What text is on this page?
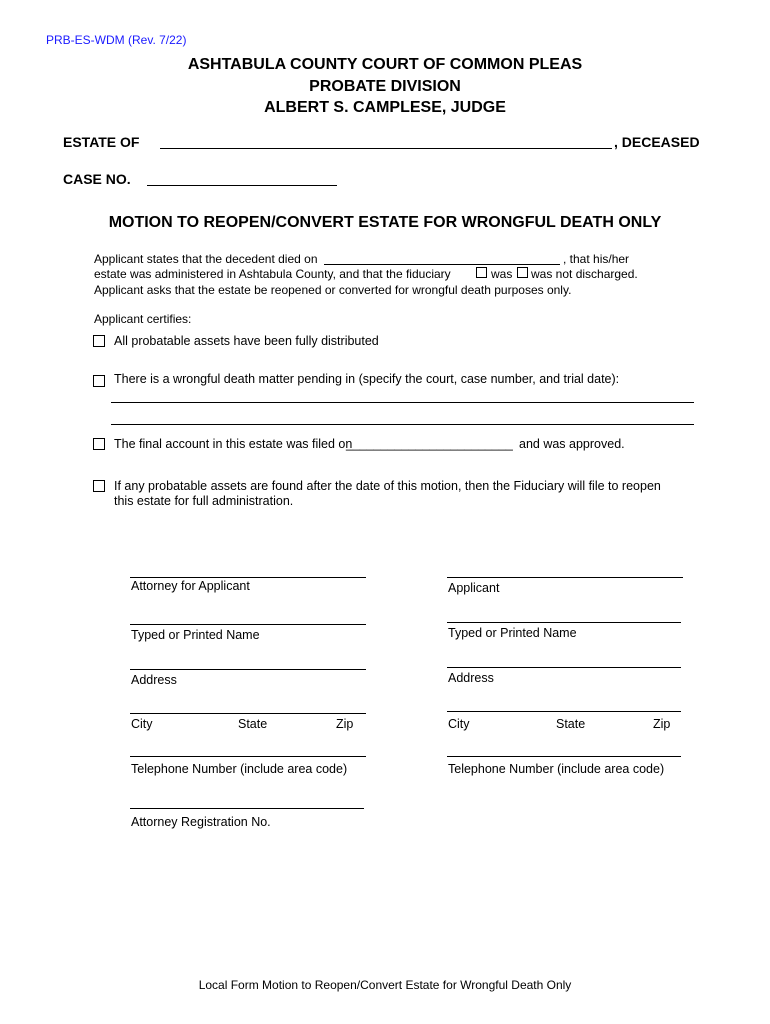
PRB-ES-WDM (Rev. 7/22)
ASHTABULA COUNTY COURT OF COMMON PLEAS
PROBATE DIVISION
ALBERT S. CAMPLESE, JUDGE
ESTATE OF	, DECEASED
CASE NO.
MOTION TO REOPEN/CONVERT ESTATE FOR WRONGFUL DEATH ONLY
Applicant states that the decedent died on	, that his/her
estate was administered in Ashtabula County, and that the fiduciary	was was not discharged.
Applicant asks that the estate be reopened or converted for wrongful death purposes only.
Applicant certifies:
All probatable assets have been fully distributed
There is a wrongful death matter pending in (specify the court, case number, and trial date):
The final account in this estate was filed on
________________________ and was approved.
If any probatable assets are found after the date of this motion, then the Fiduciary will file to reopen
this estate for full administration.
Attorney for Applicant
Typed or Printed Name
Address
City	State	Zip
Telephone Number (include area code)
Attorney Registration No.
Applicant
Typed or Printed Name
Address
City	State	Zip
Telephone Number (include area code)
Local Form Motion to Reopen/Convert Estate for Wrongful Death Only
